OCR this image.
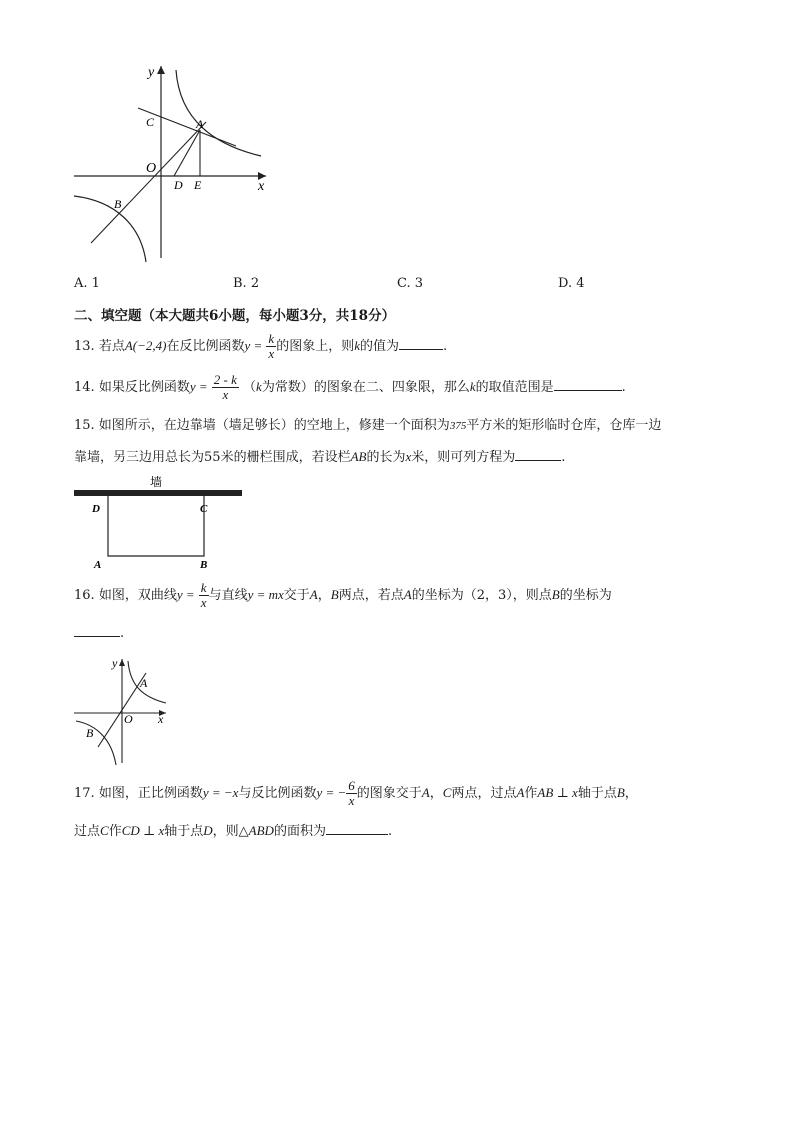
y
x
C	A
O
D E
B
A. 1	B. 2	C. 3	D. 4
二、填空题（本大题共6小题，每小题3分，共18分）
13. 若点A(−2,4)在反比例函数$y = \frac{k}{x}$ 的图象上，则k的值为	.
14. 如果反比例函数$y = \frac{2 - k}{x} (k$为常数）的图象在二、四象限，那么k的取值范围是	.
15. 如图所示，在边靠墙（墙足够长）的空地上，修建一个面积为375平方米的矩形临时仓库，仓库一边
靠墙，另三边用总长为55米的栅栏围成，若设栏AB的长为x米，则可列方程为	.
墙
D	C
A	B
16. 如图，双曲线$y = \frac{k}{x}$ 与直线y = mx交于A，B两点，若点A的坐标为（2，3），则点B的坐标为
.
y
x
A
O
B
17. 如图，正比例函数y = −x与反比例函数y = − $\frac{6}{x}$ 的图象交于A，C两点，过点A作AB ⊥ x轴于点B，
过点C作CD ⊥ x轴于点D，则△ABD的面积为	.
